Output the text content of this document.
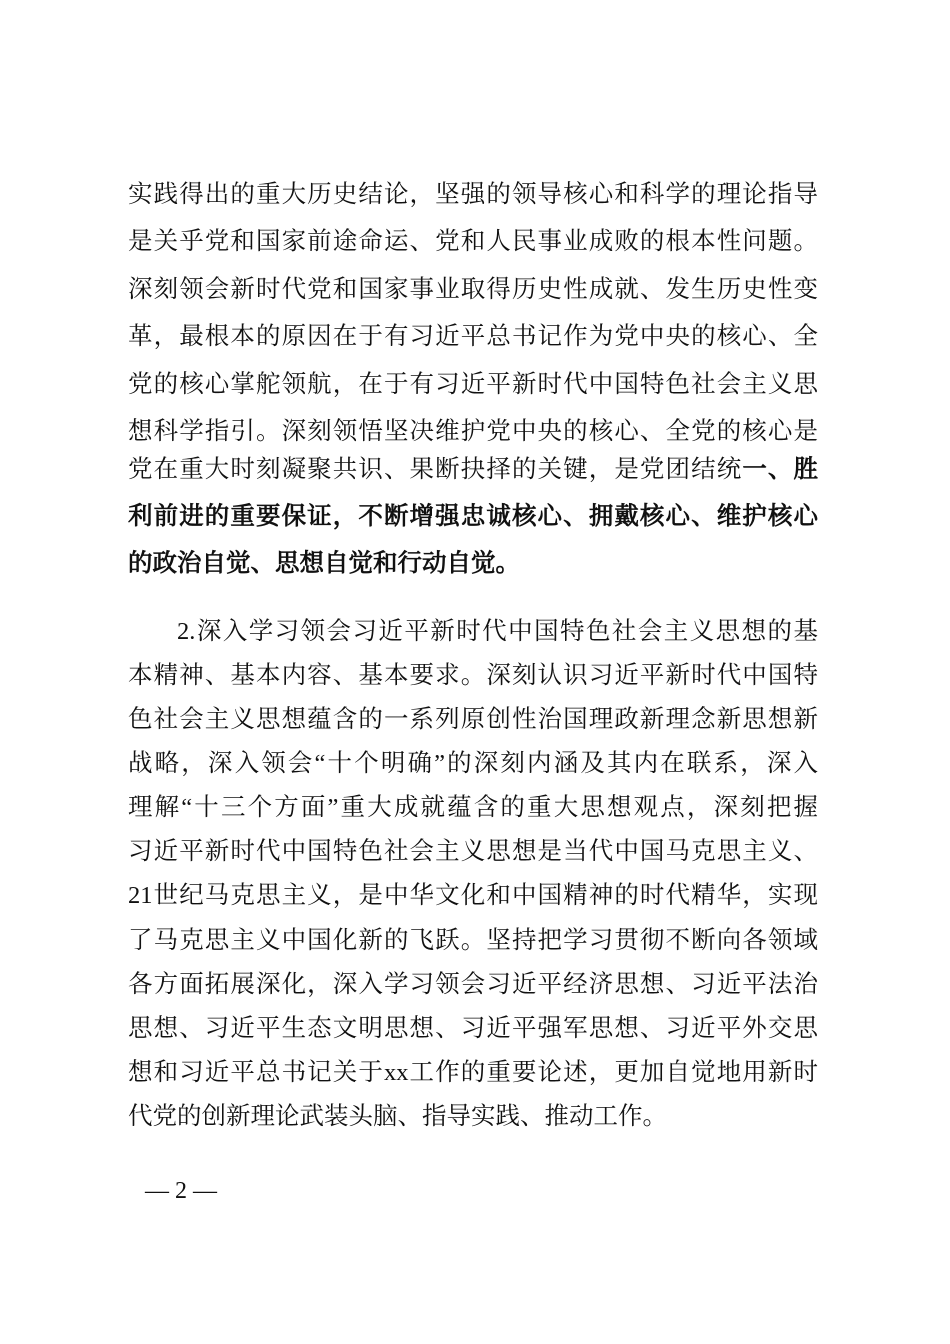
实践得出的重大历史结论，坚强的领导核心和科学的理论指导
是关乎党和国家前途命运、党和人民事业成败的根本性问题。
深刻领会新时代党和国家事业取得历史性成就、发生历史性变
革，最根本的原因在于有习近平总书记作为党中央的核心、全
党的核心掌舵领航，在于有习近平新时代中国特色社会主义思
想科学指引。深刻领悟坚决维护党中央的核心、全党的核心是
党在重大时刻凝聚共识、果断抉择的关键，是党团结统一、胜
利前进的重要保证，不断增强忠诚核心、拥戴核心、维护核心
的政治自觉、思想自觉和行动自觉。
2.深入学习领会习近平新时代中国特色社会主义思想的基
本精神、基本内容、基本要求。深刻认识习近平新时代中国特
色社会主义思想蕴含的一系列原创性治国理政新理念新思想新
战略，深入领会“十个明确”的深刻内涵及其内在联系，深入
理解“十三个方面”重大成就蕴含的重大思想观点，深刻把握
习近平新时代中国特色社会主义思想是当代中国马克思主义、
21世纪马克思主义，是中华文化和中国精神的时代精华，实现
了马克思主义中国化新的飞跃。坚持把学习贯彻不断向各领域
各方面拓展深化，深入学习领会习近平经济思想、习近平法治
思想、习近平生态文明思想、习近平强军思想、习近平外交思
想和习近平总书记关于xx工作的重要论述，更加自觉地用新时
代党的创新理论武装头脑、指导实践、推动工作。
— 2 —
